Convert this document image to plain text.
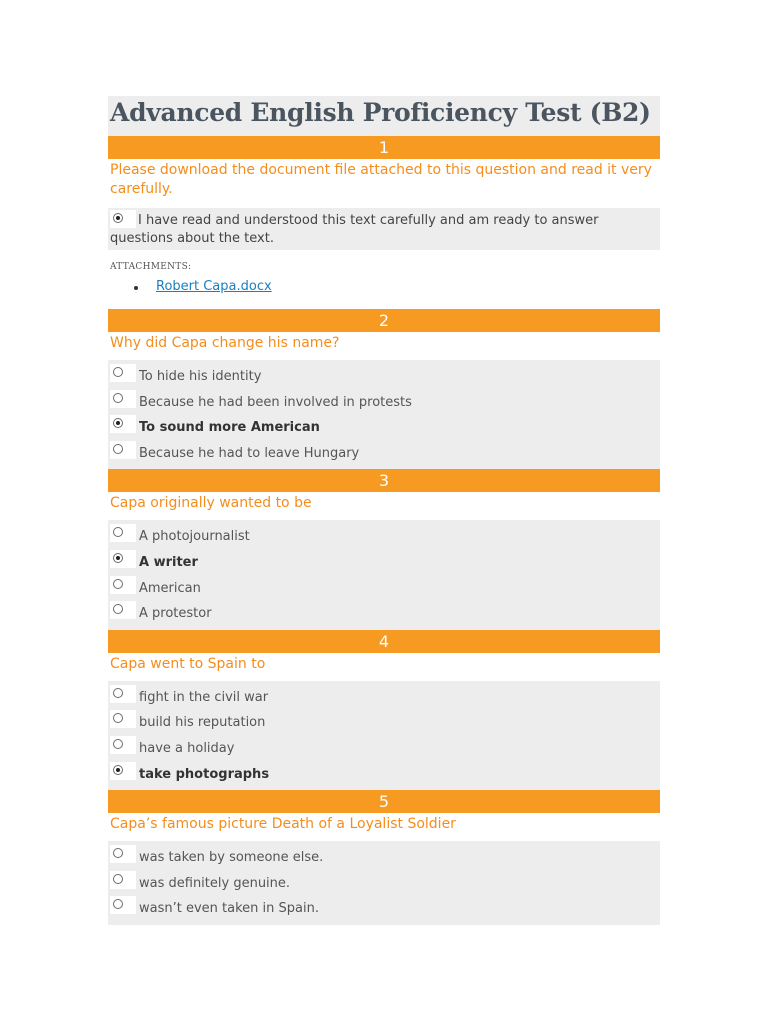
Advanced English Proficiency Test (B2)
1
Please download the document file attached to this question and read it very carefully.
I have read and understood this text carefully and am ready to answer questions about the text.
ATTACHMENTS:
Robert Capa.docx
2
Why did Capa change his name?
To hide his identity
Because he had been involved in protests
To sound more American
Because he had to leave Hungary
3
Capa originally wanted to be
A photojournalist
A writer
American
A protestor
4
Capa went to Spain to
fight in the civil war
build his reputation
have a holiday
take photographs
5
Capa’s famous picture Death of a Loyalist Soldier
was taken by someone else.
was definitely genuine.
wasn’t even taken in Spain.
